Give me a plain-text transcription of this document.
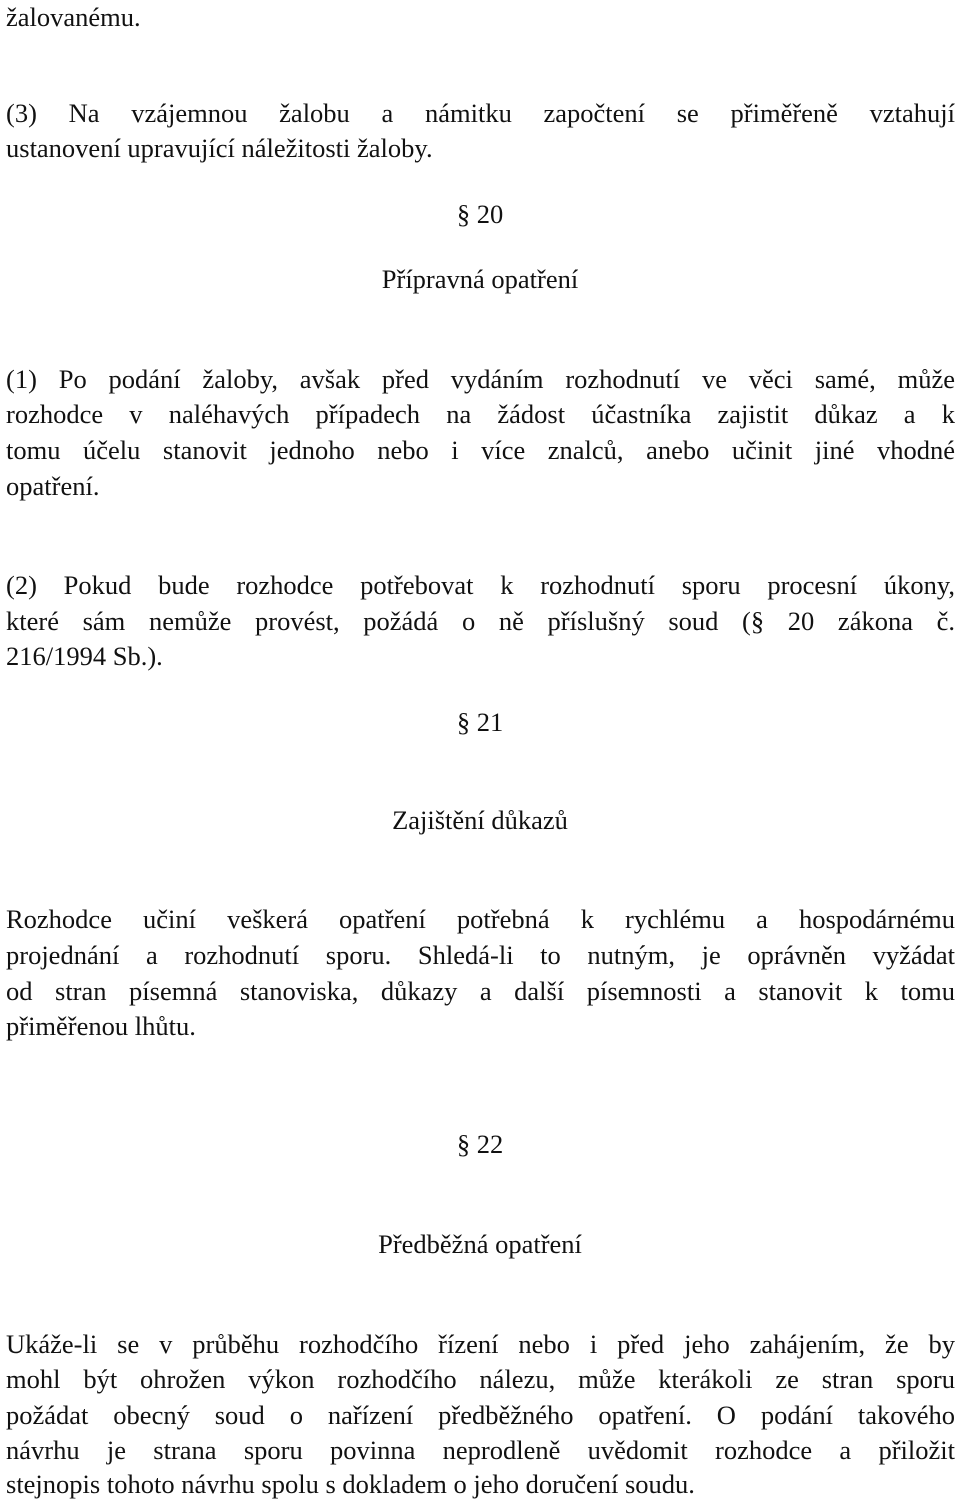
žalovanému.
(3) Na vzájemnou žalobu a námitku započtení se přiměřeně vztahují
ustanovení upravující náležitosti žaloby.
§ 20
Přípravná opatření
(1) Po podání žaloby, avšak před vydáním rozhodnutí ve věci samé, může
rozhodce v naléhavých případech na žádost účastníka zajistit důkaz a k
tomu účelu stanovit jednoho nebo i více znalců, anebo učinit jiné vhodné
opatření.
(2) Pokud bude rozhodce potřebovat k rozhodnutí sporu procesní úkony,
které sám nemůže provést, požádá o ně příslušný soud (§ 20 zákona č.
216/1994 Sb.).
§ 21
Zajištění důkazů
Rozhodce učiní veškerá opatření potřebná k rychlému a hospodárnému
projednání a rozhodnutí sporu. Shledá-li to nutným, je oprávněn vyžádat
od stran písemná stanoviska, důkazy a další písemnosti a stanovit k tomu
přiměřenou lhůtu.
§ 22
Předběžná opatření
Ukáže-li se v průběhu rozhodčího řízení nebo i před jeho zahájením, že by
mohl být ohrožen výkon rozhodčího nálezu, může kterákoli ze stran sporu
požádat obecný soud o nařízení předběžného opatření. O podání takového
návrhu je strana sporu povinna neprodleně uvědomit rozhodce a přiložit
stejnopis tohoto návrhu spolu s dokladem o jeho doručení soudu.
